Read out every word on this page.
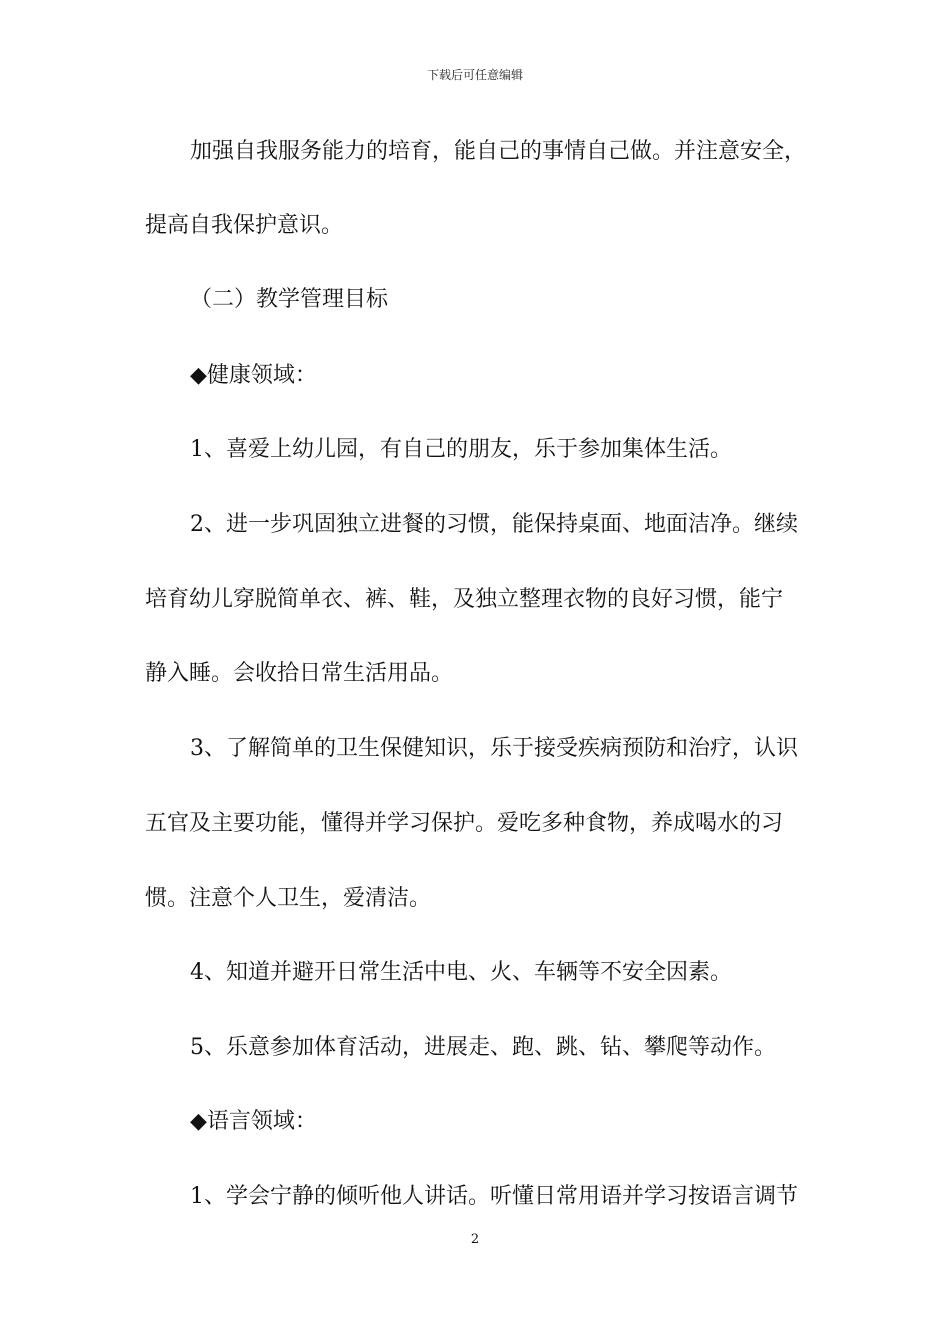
下载后可任意编辑
加强自我服务能力的培育，能自己的事情自己做。并注意安全，
提高自我保护意识。
（二）教学管理目标
◆健康领域：
1、喜爱上幼儿园，有自己的朋友，乐于参加集体生活。
2、进一步巩固独立进餐的习惯，能保持桌面、地面洁净。继续
培育幼儿穿脱简单衣、裤、鞋，及独立整理衣物的良好习惯，能宁
静入睡。会收拾日常生活用品。
3、了解简单的卫生保健知识，乐于接受疾病预防和治疗，认识
五官及主要功能，懂得并学习保护。爱吃多种食物，养成喝水的习
惯。注意个人卫生，爱清洁。
4、知道并避开日常生活中电、火、车辆等不安全因素。
5、乐意参加体育活动，进展走、跑、跳、钻、攀爬等动作。
◆语言领域：
1、学会宁静的倾听他人讲话。听懂日常用语并学习按语言调节
2
